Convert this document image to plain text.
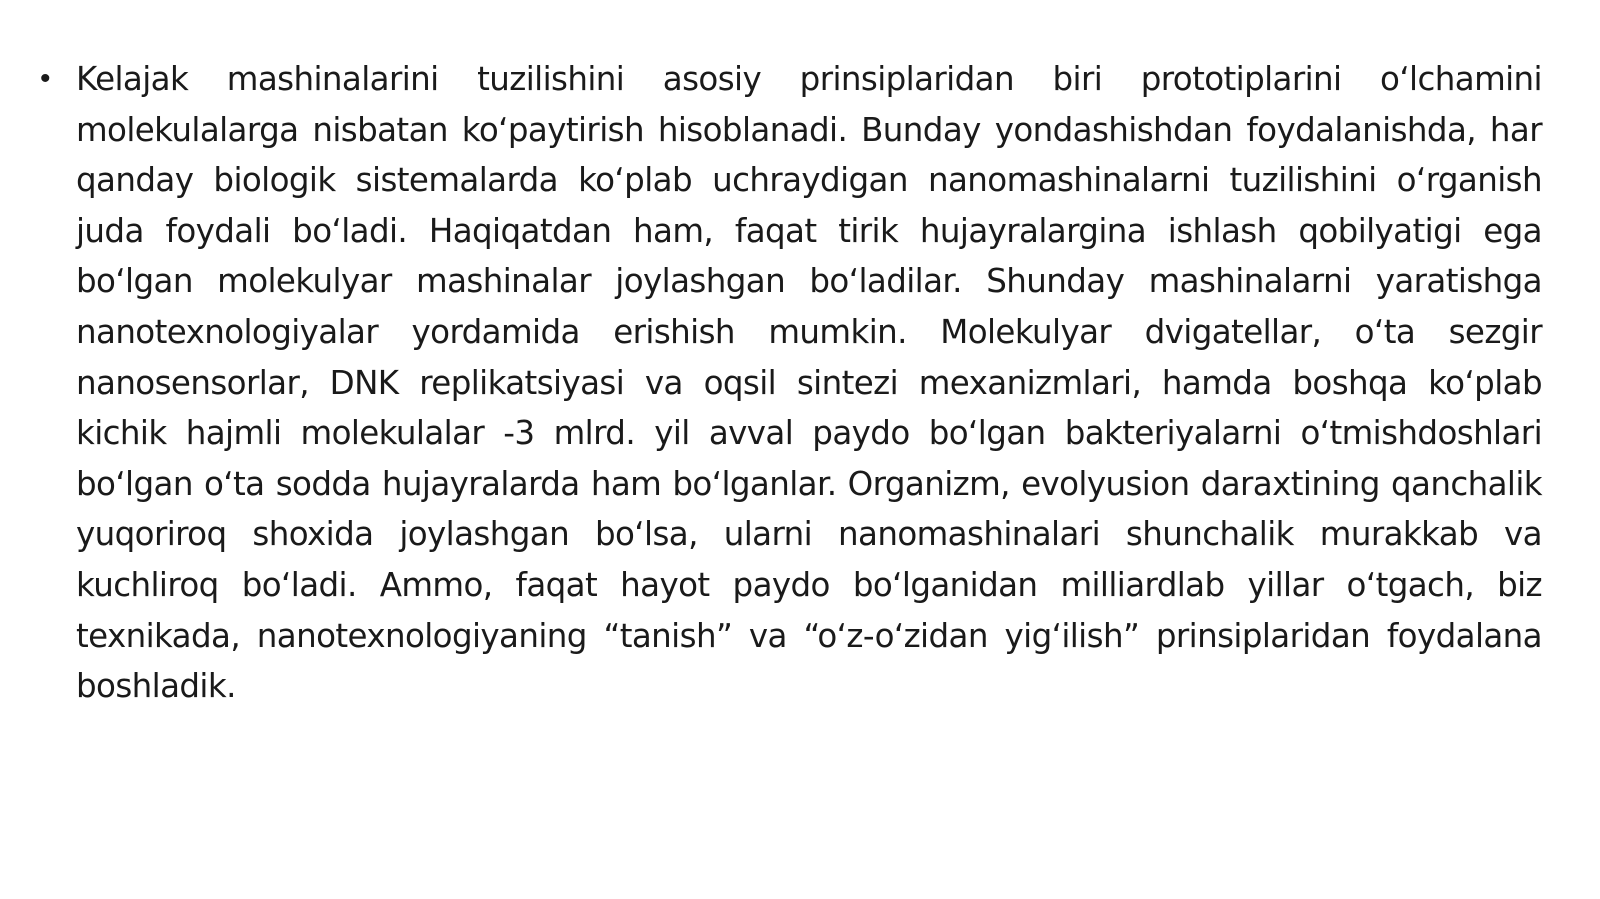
• Kelajak mashinalarini tuzilishini asosiy prinsiplaridan biri prototiplarini oʻlchamini molekulalarga nisbatan koʻpaytirish hisoblanadi. Bunday yondashishdan foydalanishda, har qanday biologik sistemalarda koʻplab uchraydigan nanomashinalarni tuzilishini oʻrganish juda foydali boʻladi. Haqiqatdan ham, faqat tirik hujayralargina ishlash qobilyatigi ega boʻlgan molekulyar mashinalar joylashgan boʻladilar. Shunday mashinalarni yaratishga nanotexnologiyalar yordamida erishish mumkin. Molekulyar dvigatellar, oʻta sezgir nanosensorlar, DNK replikatsiyasi va oqsil sintezi mexanizmlari, hamda boshqa koʻplab kichik hajmli molekulalar -3 mlrd. yil avval paydo boʻlgan bakteriyalarni oʻtmishdoshlari boʻlgan oʻta sodda hujayralarda ham boʻlganlar. Organizm, evolyusion daraxtining qanchalik yuqoriroq shoxida joylashgan boʻlsa, ularni nanomashinalari shunchalik murakkab va kuchliroq boʻladi. Ammo, faqat hayot paydo boʻlganidan milliardlab yillar oʻtgach, biz texnikada, nanotexnologiyaning “tanish” va “oʻz-oʻzidan yigʻilish” prinsiplaridan foydalana boshladik.
